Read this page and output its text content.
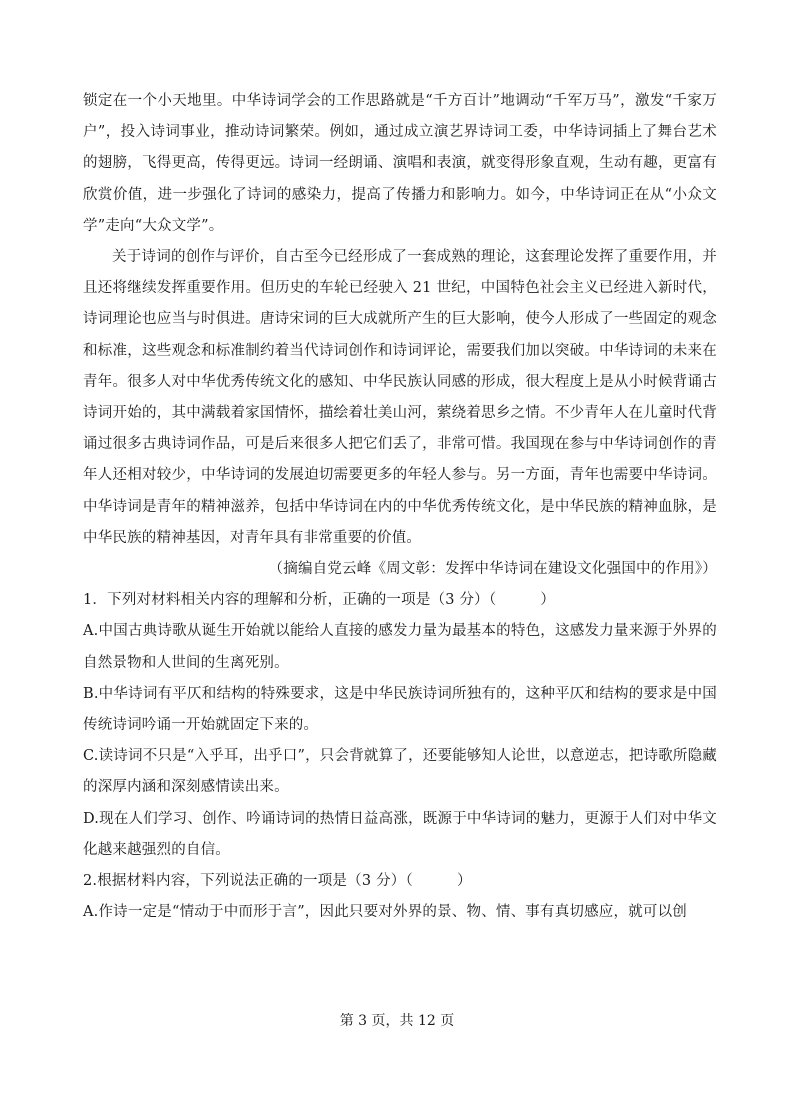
锁定在一个小天地里。中华诗词学会的工作思路就是“千方百计”地调动“千军万马”，激发“千家万户”，投入诗词事业，推动诗词繁荣。例如，通过成立演艺界诗词工委，中华诗词插上了舞台艺术的翅膀，飞得更高，传得更远。诗词一经朗诵、演唱和表演，就变得形象直观，生动有趣，更富有欣赏价值，进一步强化了诗词的感染力，提高了传播力和影响力。如今，中华诗词正在从“小众文学”走向“大众文学”。

关于诗词的创作与评价，自古至今已经形成了一套成熟的理论，这套理论发挥了重要作用，并且还将继续发挥重要作用。但历史的车轮已经驶入 21 世纪，中国特色社会主义已经进入新时代，诗词理论也应当与时俱进。唐诗宋词的巨大成就所产生的巨大影响，使今人形成了一些固定的观念和标准，这些观念和标准制约着当代诗词创作和诗词评论，需要我们加以突破。中华诗词的未来在青年。很多人对中华优秀传统文化的感知、中华民族认同感的形成，很大程度上是从小时候背诵古诗词开始的，其中满载着家国情怀，描绘着壮美山河，萦绕着思乡之情。不少青年人在儿童时代背诵过很多古典诗词作品，可是后来很多人把它们丢了，非常可惜。我国现在参与中华诗词创作的青年人还相对较少，中华诗词的发展迫切需要更多的年轻人参与。另一方面，青年也需要中华诗词。中华诗词是青年的精神滋养，包括中华诗词在内的中华优秀传统文化，是中华民族的精神血脉，是中华民族的精神基因，对青年具有非常重要的价值。

（摘编自党云峰《周文彰：发挥中华诗词在建设文化强国中的作用》）

1．下列对材料相关内容的理解和分析，正确的一项是（3 分）（　　　）

A.中国古典诗歌从诞生开始就以能给人直接的感发力量为最基本的特色，这感发力量来源于外界的自然景物和人世间的生离死别。

B.中华诗词有平仄和结构的特殊要求，这是中华民族诗词所独有的，这种平仄和结构的要求是中国传统诗词吟诵一开始就固定下来的。

C.读诗词不只是“入乎耳，出乎口”，只会背就算了，还要能够知人论世，以意逆志，把诗歌所隐藏的深厚内涵和深刻感情读出来。

D.现在人们学习、创作、吟诵诗词的热情日益高涨，既源于中华诗词的魅力，更源于人们对中华文化越来越强烈的自信。

2.根据材料内容，下列说法正确的一项是（3 分）（　　　）

A.作诗一定是“情动于中而形于言”，因此只要对外界的景、物、情、事有真切感应，就可以创

第 3 页，共 12 页
